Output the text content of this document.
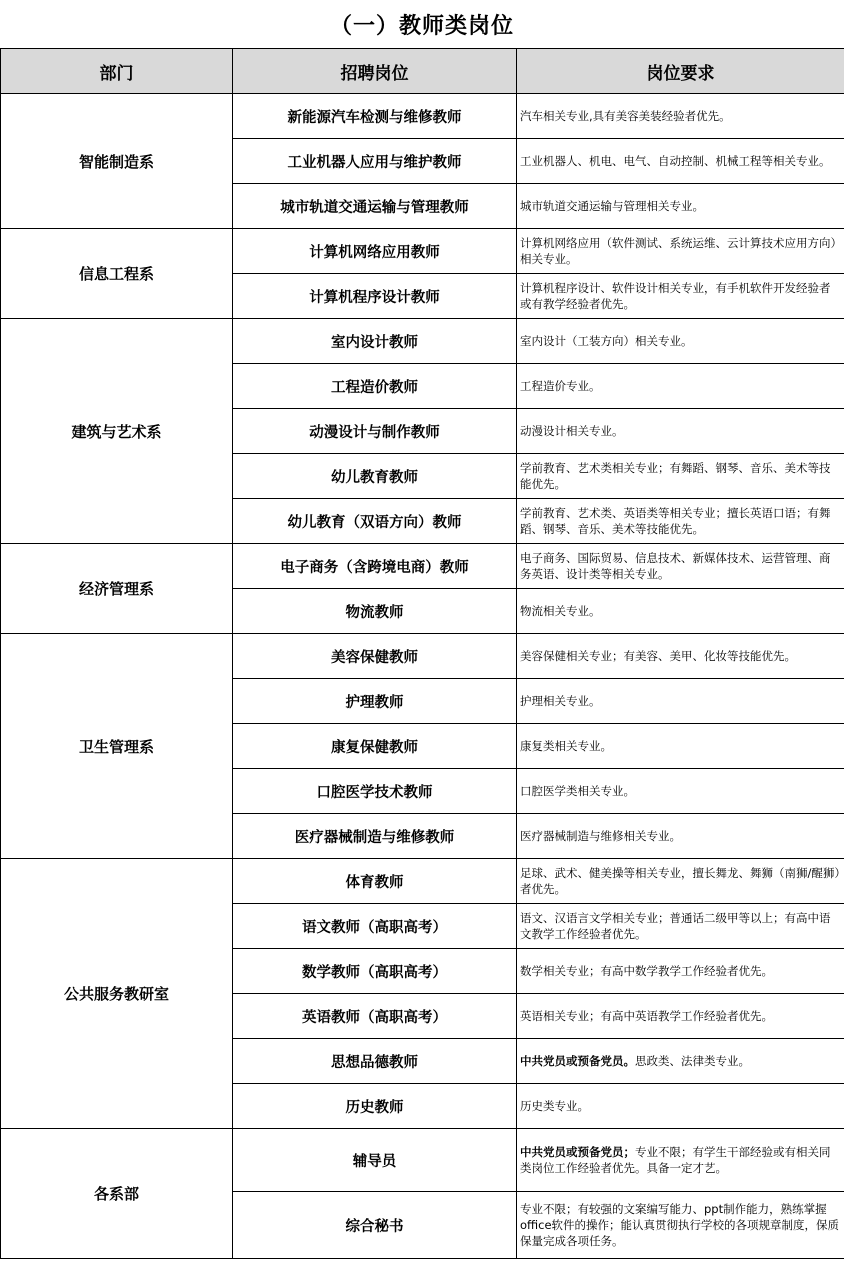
（一）教师类岗位
部门	招聘岗位	岗位要求
智能制造系	新能源汽车检测与维修教师	汽车相关专业,具有美容美装经验者优先。
	工业机器人应用与维护教师	工业机器人、机电、电气、自动控制、机械工程等相关专业。
	城市轨道交通运输与管理教师	城市轨道交通运输与管理相关专业。
信息工程系	计算机网络应用教师	计算机网络应用（软件测试、系统运维、云计算技术应用方向）相关专业。
	计算机程序设计教师	计算机程序设计、软件设计相关专业，有手机软件开发经验者或有教学经验者优先。
建筑与艺术系	室内设计教师	室内设计（工装方向）相关专业。
	工程造价教师	工程造价专业。
	动漫设计与制作教师	动漫设计相关专业。
	幼儿教育教师	学前教育、艺术类相关专业；有舞蹈、钢琴、音乐、美术等技能优先。
	幼儿教育（双语方向）教师	学前教育、艺术类、英语类等相关专业；擅长英语口语；有舞蹈、钢琴、音乐、美术等技能优先。
经济管理系	电子商务（含跨境电商）教师	电子商务、国际贸易、信息技术、新媒体技术、运营管理、商务英语、设计类等相关专业。
	物流教师	物流相关专业。
卫生管理系	美容保健教师	美容保健相关专业；有美容、美甲、化妆等技能优先。
	护理教师	护理相关专业。
	康复保健教师	康复类相关专业。
	口腔医学技术教师	口腔医学类相关专业。
	医疗器械制造与维修教师	医疗器械制造与维修相关专业。
公共服务教研室	体育教师	足球、武术、健美操等相关专业，擅长舞龙、舞狮（南狮/醒狮）者优先。
	语文教师（高职高考）	语文、汉语言文学相关专业；普通话二级甲等以上；有高中语文教学工作经验者优先。
	数学教师（高职高考）	数学相关专业；有高中数学教学工作经验者优先。
	英语教师（高职高考）	英语相关专业；有高中英语教学工作经验者优先。
	思想品德教师	中共党员或预备党员。思政类、法律类专业。
	历史教师	历史类专业。
各系部	辅导员	中共党员或预备党员；专业不限；有学生干部经验或有相关同类岗位工作经验者优先。具备一定才艺。
	综合秘书	专业不限；有较强的文案编写能力、ppt制作能力，熟练掌握office软件的操作；能认真贯彻执行学校的各项规章制度，保质保量完成各项任务。
